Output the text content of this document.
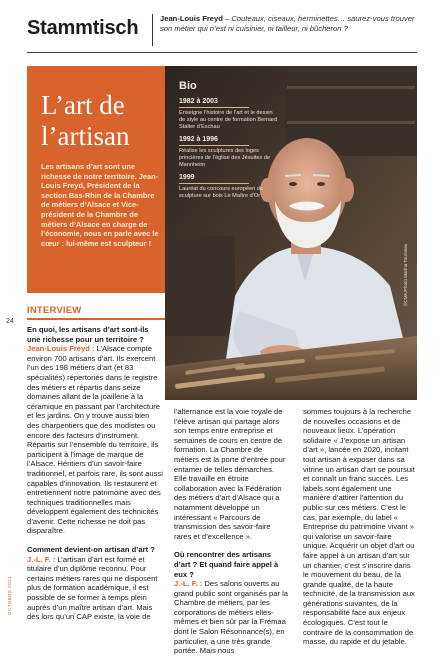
Stammtisch	Jean-Louis Freyd – Couteaux, ciseaux, herminettes… saurez-vous trouver son métier qui n’est ni cuisinier, ni tailleur, ni bûcheron ?
L’art de
l’artisan
Les artisans d’art sont une richesse de notre territoire. Jean-Louis Freyd, Président de la section Bas-Rhin de la Chambre de métiers d’Alsace et Vice-président de la Chambre de métiers d’Alsace en charge de l’économie, nous en parle avec le cœur : lui-même est sculpteur !
Bio
1982 à 2003
Enseigne l’histoire de l’art et le dessin de style au centre de formation Bernard Stalter d’Eschau
1992 à 1996
Réalise les sculptures des loges princières de l’église des Jésuites de Mannheim
1999
Lauréat du concours européen de sculpture sur bois Le Maître d’Or
©CMA/Photo Marina Tourseau
INTERVIEW
24
OCTOBRE 2021
En quoi, les artisans d’art sont-ils une richesse pour un territoire ?
Jean-Louis Freyd : L’Alsace compte environ 700 artisans d’art. Ils exercent l’un des 198 métiers d’art (et 83 spécialités) répertoriés dans le registre des métiers et répartis dans seize domaines allant de la joaillerie à la céramique en passant par l’architecture et les jardins. On y trouve aussi bien des charpentiers que des modistes ou encore des facteurs d’instrument. Répartis sur l’ensemble du territoire, ils participent à l’image de marque de l’Alsace. Héritiers d’un savoir-faire traditionnel, et parfois rare, ils sont aussi capables d’innovation. Ils restaurent et entretiennent notre patrimoine avec des techniques traditionnelles mais développent également des technicités d’avenir. Cette richesse ne doit pas disparaître.
Comment devient-on artisan d’art ?
J.-L. F. : L’artisan d’art est formé et titulaire d’un diplôme reconnu. Pour certains métiers rares qui ne disposent plus de formation académique, il est possible de se former à temps plein auprès d’un maître artisan d’art. Mais dès lors qu’un CAP existe, la voie de
l’alternance est la voie royale de l’élève artisan qui partage alors son temps entre entreprise et semaines de cours en centre de formation. La Chambre de métiers est la porte d’entrée pour entamer de telles démarches. Elle travaille en étroite collaboration avec la Fédération des métiers d’art d’Alsace qui a notamment développé un intéressant « Parcours de transmission des savoir-faire rares et d’excellence ».
Où rencontrer des artisans d’art ? Et quand faire appel à eux ?
J.-L. F. : Des salons ouverts au grand public sont organisés par la Chambre de métiers, par les corporations de métiers elles-mêmes et bien sûr par la Frémaa dont le Salon Résonnance(s), en particulier, a une très grande portée. Mais nous
sommes toujours à la recherche de nouvelles occasions et de nouveaux lieux. L’opération solidaire « J’expose un artisan d’art », lancée en 2020, incitant tout artisan à exposer dans sa vitrine un artisan d’art se poursuit et connaît un franc succès. Les labels sont également une manière d’attirer l’attention du public sur ces métiers. C’est le cas, par exemple, du label « Entreprise du patrimoine vivant » qui valorise un savoir-faire unique. Acquérir un objet d’art ou faire appel à un artisan d’art sur un chantier, c’est s’inscrire dans le mouvement du beau, de la grande qualité, de la haute technicité, de la transmission aux générations suivantes, de la responsabilité face aux enjeux écologiques. C’est tout le contraire de la consommation de masse, du rapide et du jetable.
